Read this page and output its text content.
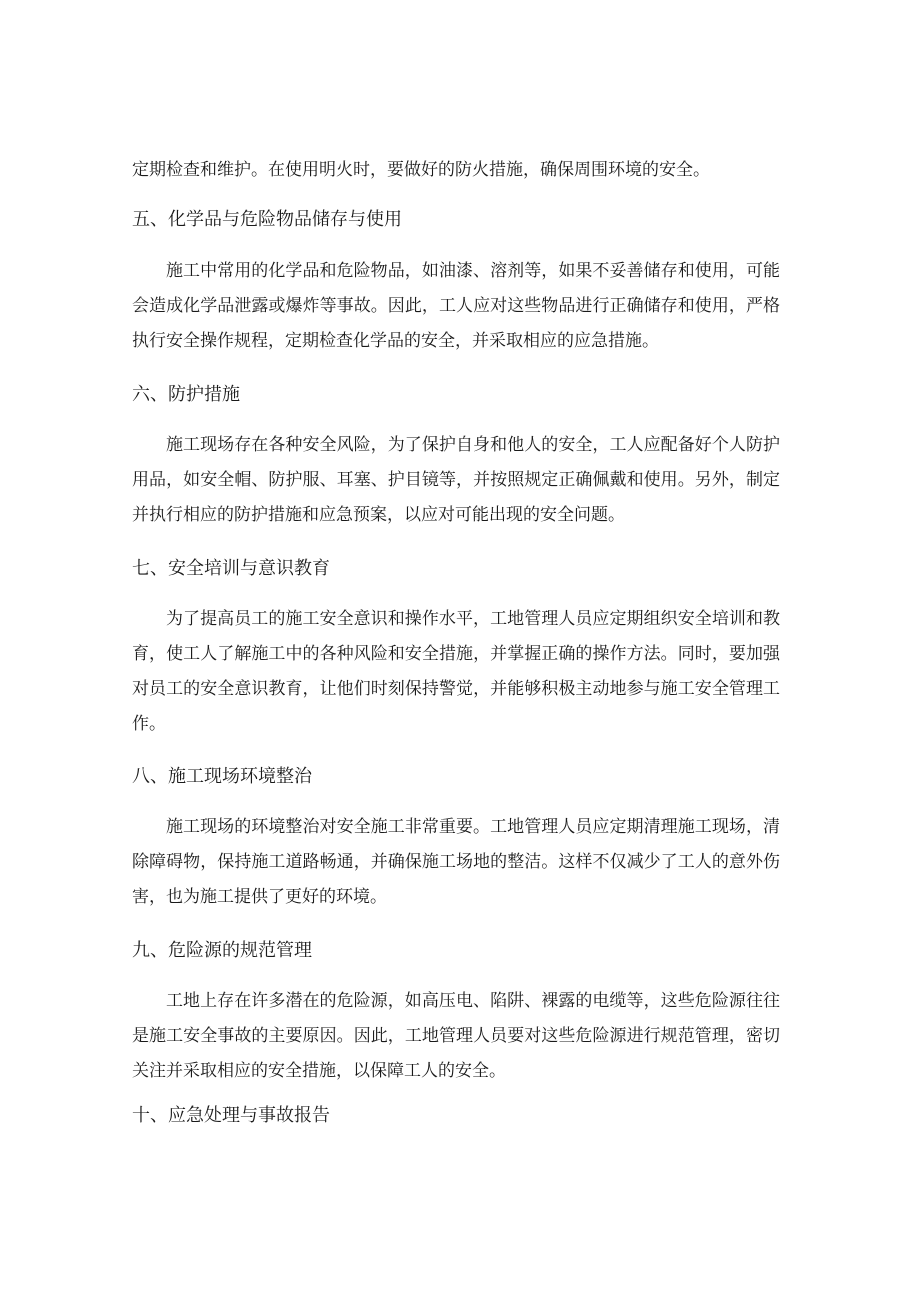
定期检查和维护。在使用明火时，要做好的防火措施，确保周围环境的安全。

五、化学品与危险物品储存与使用

施工中常用的化学品和危险物品，如油漆、溶剂等，如果不妥善储存和使用，可能会造成化学品泄露或爆炸等事故。因此，工人应对这些物品进行正确储存和使用，严格执行安全操作规程，定期检查化学品的安全，并采取相应的应急措施。

六、防护措施

施工现场存在各种安全风险，为了保护自身和他人的安全，工人应配备好个人防护用品，如安全帽、防护服、耳塞、护目镜等，并按照规定正确佩戴和使用。另外，制定并执行相应的防护措施和应急预案，以应对可能出现的安全问题。

七、安全培训与意识教育

为了提高员工的施工安全意识和操作水平，工地管理人员应定期组织安全培训和教育，使工人了解施工中的各种风险和安全措施，并掌握正确的操作方法。同时，要加强对员工的安全意识教育，让他们时刻保持警觉，并能够积极主动地参与施工安全管理工作。

八、施工现场环境整治

施工现场的环境整治对安全施工非常重要。工地管理人员应定期清理施工现场，清除障碍物，保持施工道路畅通，并确保施工场地的整洁。这样不仅减少了工人的意外伤害，也为施工提供了更好的环境。

九、危险源的规范管理

工地上存在许多潜在的危险源，如高压电、陷阱、裸露的电缆等，这些危险源往往是施工安全事故的主要原因。因此，工地管理人员要对这些危险源进行规范管理，密切关注并采取相应的安全措施，以保障工人的安全。

十、应急处理与事故报告
